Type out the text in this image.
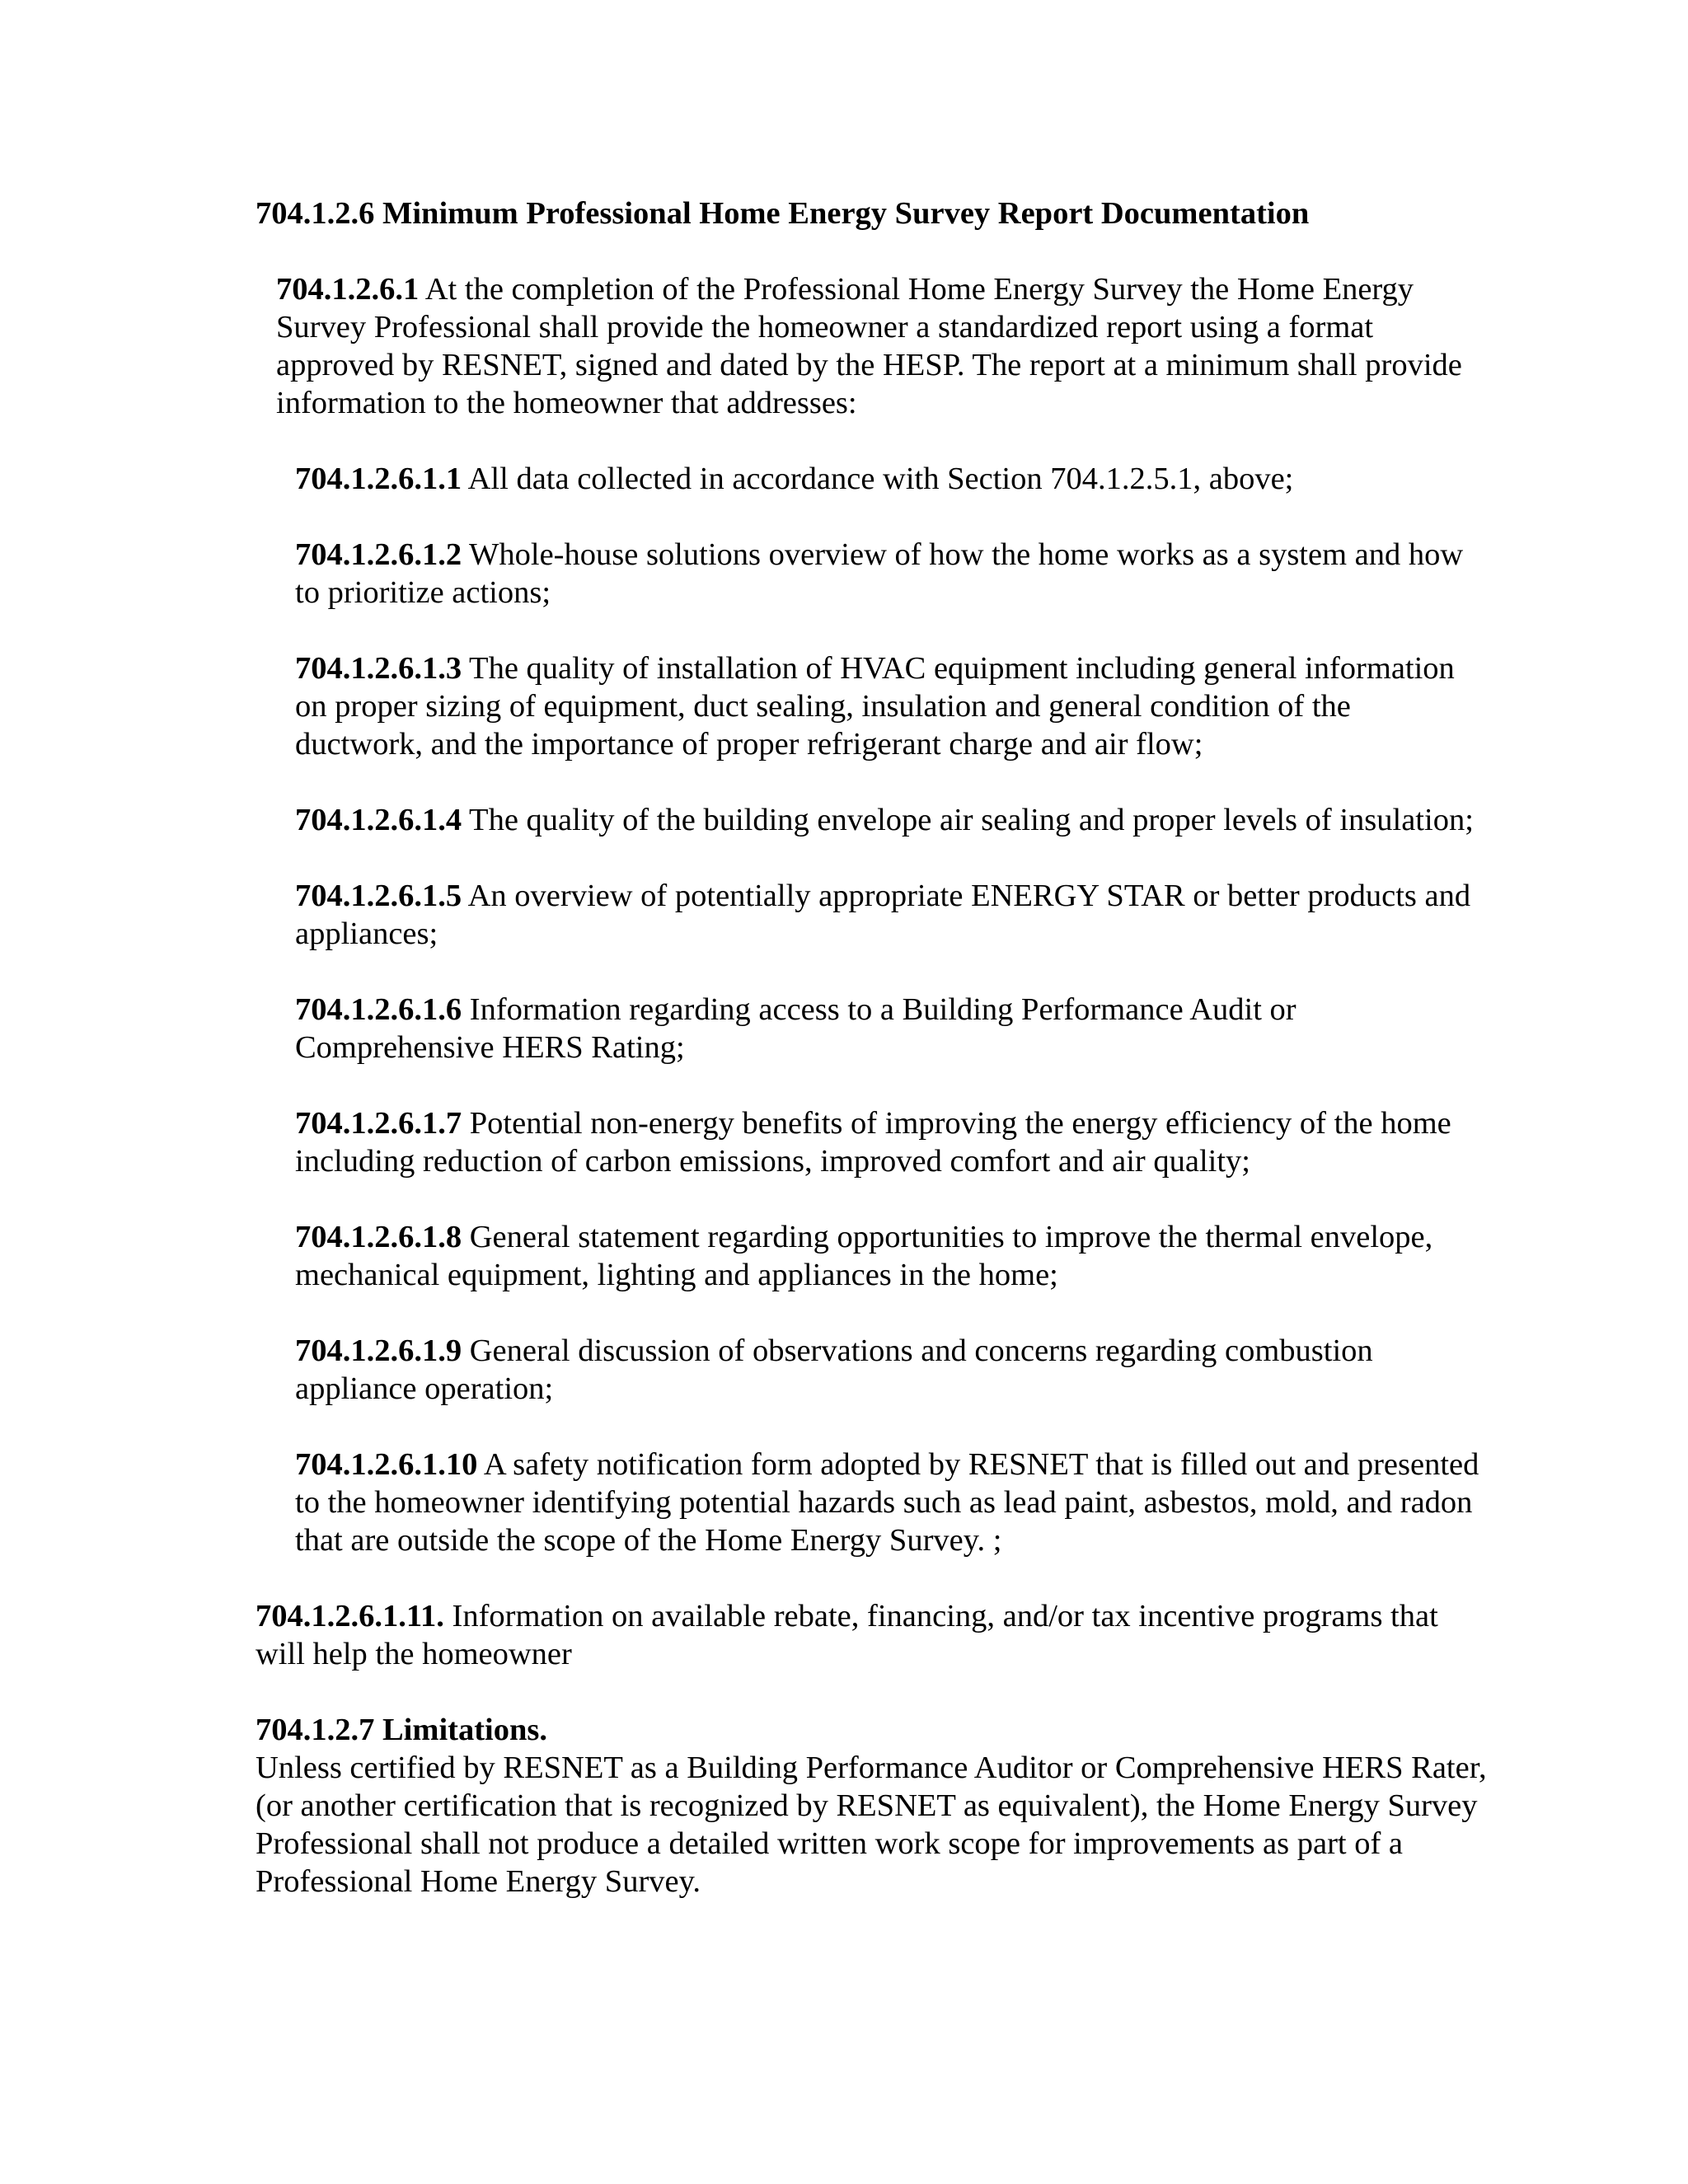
704.1.2.6 Minimum Professional Home Energy Survey Report Documentation

704.1.2.6.1 At the completion of the Professional Home Energy Survey the Home Energy Survey Professional shall provide the homeowner a standardized report using a format approved by RESNET, signed and dated by the HESP. The report at a minimum shall provide information to the homeowner that addresses:

704.1.2.6.1.1 All data collected in accordance with Section 704.1.2.5.1, above;

704.1.2.6.1.2 Whole-house solutions overview of how the home works as a system and how to prioritize actions;

704.1.2.6.1.3 The quality of installation of HVAC equipment including general information on proper sizing of equipment, duct sealing, insulation and general condition of the ductwork, and the importance of proper refrigerant charge and air flow;

704.1.2.6.1.4 The quality of the building envelope air sealing and proper levels of insulation;

704.1.2.6.1.5 An overview of potentially appropriate ENERGY STAR or better products and appliances;

704.1.2.6.1.6 Information regarding access to a Building Performance Audit or Comprehensive HERS Rating;

704.1.2.6.1.7 Potential non-energy benefits of improving the energy efficiency of the home including reduction of carbon emissions, improved comfort and air quality;

704.1.2.6.1.8 General statement regarding opportunities to improve the thermal envelope, mechanical equipment, lighting and appliances in the home;

704.1.2.6.1.9 General discussion of observations and concerns regarding combustion appliance operation;

704.1.2.6.1.10 A safety notification form adopted by RESNET that is filled out and presented to the homeowner identifying potential hazards such as lead paint, asbestos, mold, and radon that are outside the scope of the Home Energy Survey. ;

704.1.2.6.1.11. Information on available rebate, financing, and/or tax incentive programs that will help the homeowner

704.1.2.7 Limitations.

Unless certified by RESNET as a Building Performance Auditor or Comprehensive HERS Rater, (or another certification that is recognized by RESNET as equivalent), the Home Energy Survey Professional shall not produce a detailed written work scope for improvements as part of a Professional Home Energy Survey.
